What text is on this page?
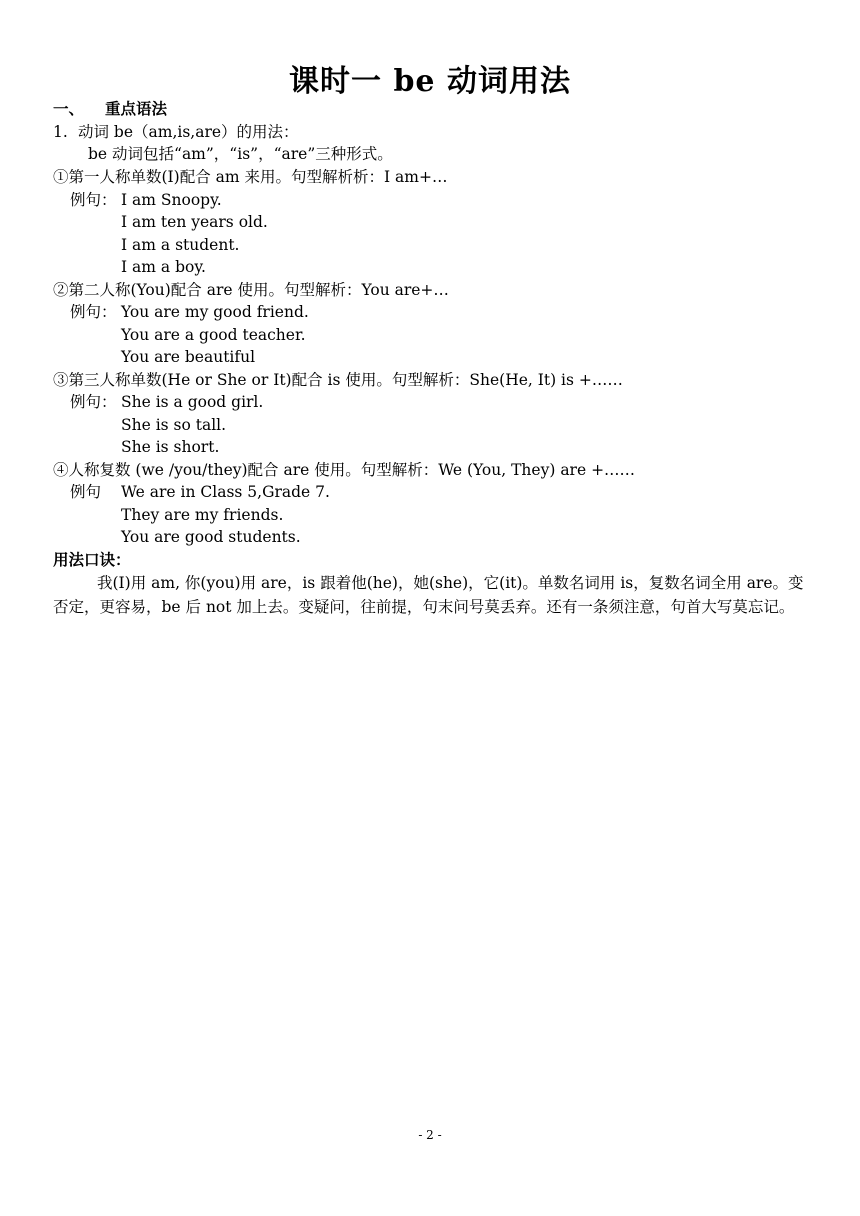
课时一 be 动词用法
一、 重点语法
1. 动词 be（am,is,are）的用法：
be 动词包括“am”，“is”，“are”三种形式。
①第一人称单数(I)配合 am 来用。句型解析析：I am+…
例句： I am Snoopy.
I am ten years old.
I am a student.
I am a boy.
②第二人称(You)配合 are 使用。句型解析：You are+…
例句： You are my good friend.
You are a good teacher.
You are beautiful
③第三人称单数(He or She or It)配合 is 使用。句型解析：She(He, It) is +……
例句： She is a good girl.
She is so tall.
She is short.
④人称复数 (we /you/they)配合 are 使用。句型解析：We (You, They) are +……
例句 We are in Class 5,Grade 7.
They are my friends.
You are good students.
用法口诀：
我(I)用 am, 你(you)用 are，is 跟着他(he)，她(she)，它(it)。单数名词用 is，复数名词全用 are。变否定，更容易，be 后 not 加上去。变疑问，往前提，句末问号莫丢弃。还有一条须注意，句首大写莫忘记。
- 2 -
